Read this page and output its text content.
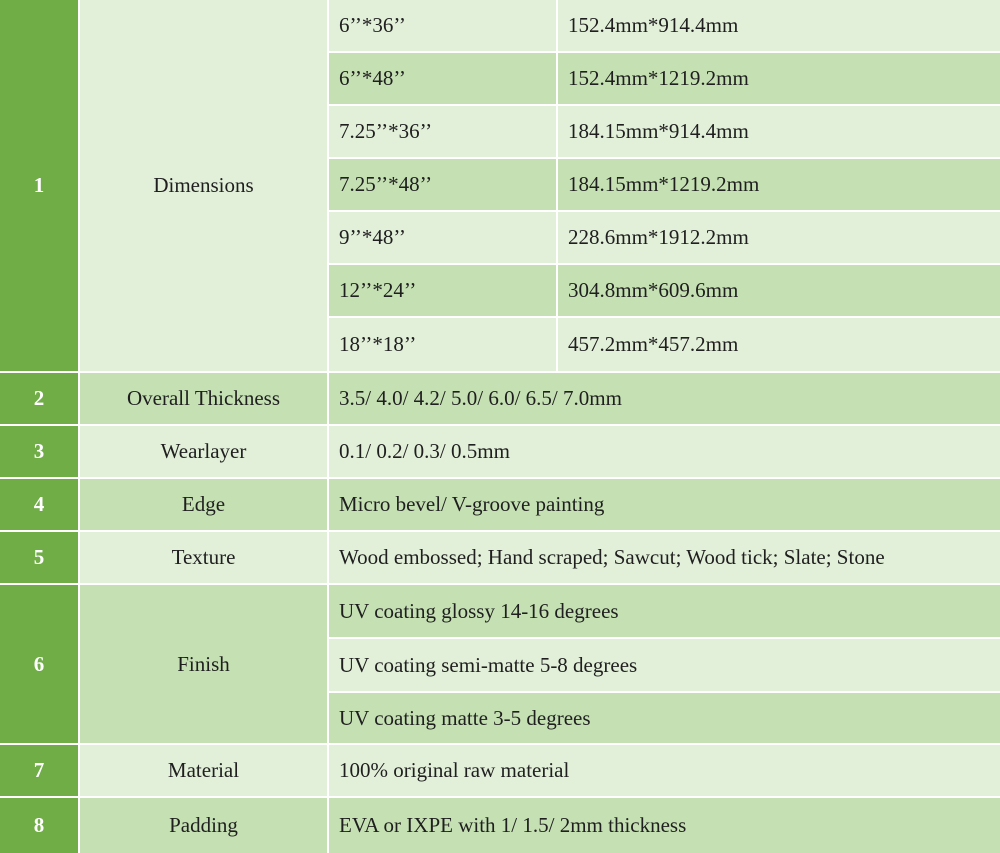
1	Dimensions
6’’*36’’	152.4mm*914.4mm
6’’*48’’	152.4mm*1219.2mm
7.25’’*36’’	184.15mm*914.4mm
7.25’’*48’’	184.15mm*1219.2mm
9’’*48’’	228.6mm*1912.2mm
12’’*24’’	304.8mm*609.6mm
18’’*18’’	457.2mm*457.2mm
2	Overall Thickness	3.5/ 4.0/ 4.2/ 5.0/ 6.0/ 6.5/ 7.0mm
3	Wearlayer	0.1/ 0.2/ 0.3/ 0.5mm
4	Edge	Micro bevel/ V-groove painting
5	Texture	Wood embossed; Hand scraped; Sawcut; Wood tick; Slate; Stone
6	Finish
UV coating glossy 14-16 degrees
UV coating semi-matte 5-8 degrees
UV coating matte 3-5 degrees
7	Material	100% original raw material
8	Padding	EVA or IXPE with 1/ 1.5/ 2mm thickness
